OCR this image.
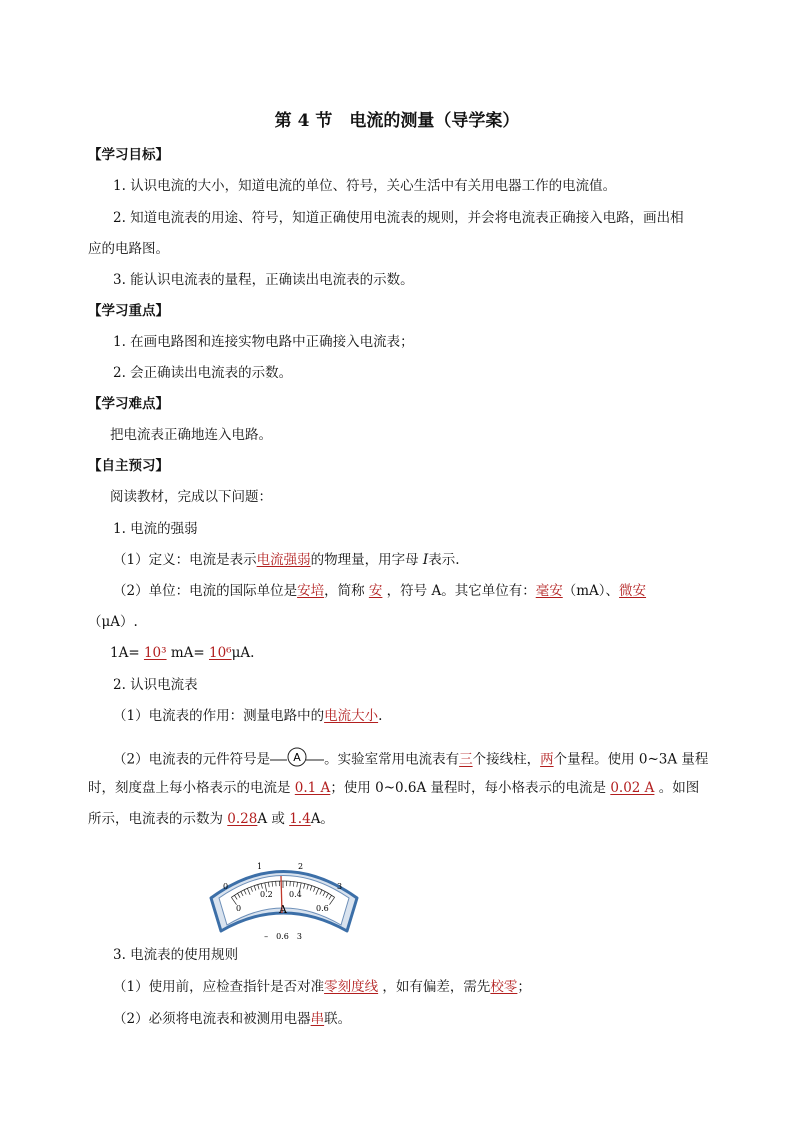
第 4 节　电流的测量（导学案）
【学习目标】
1. 认识电流的大小，知道电流的单位、符号，关心生活中有关用电器工作的电流值。
2. 知道电流表的用途、符号，知道正确使用电流表的规则，并会将电流表正确接入电路，画出相
应的电路图。
3. 能认识电流表的量程，正确读出电流表的示数。
【学习重点】
1. 在画电路图和连接实物电路中正确接入电流表；
2. 会正确读出电流表的示数。
【学习难点】
把电流表正确地连入电路。
【自主预习】
阅读教材，完成以下问题：
1. 电流的强弱
（1）定义：电流是表示电流强弱的物理量，用字母 I表示.
（2）单位：电流的国际单位是安培，简称 安 ，符号 A。其它单位有：毫安（mA）、微安
（μA）.
1A= 10³ mA= 10⁶μA.
2. 认识电流表
（1）电流表的作用：测量电路中的电流大小.
（2）电流表的元件符号是 A 。实验室常用电流表有三个接线柱，两个量程。使用 0~3A 量程
时，刻度盘上每小格表示的电流是 0.1 A；使用 0~0.6A 量程时，每小格表示的电流是 0.02 A 。如图
所示，电流表的示数为 0.28A 或 1.4A。
0
1	2
3
0
0.2 0.4
0.6
A
–　0.6　3
3. 电流表的使用规则
（1）使用前，应检查指针是否对准零刻度线 ，如有偏差，需先校零；
（2）必须将电流表和被测用电器串联。
